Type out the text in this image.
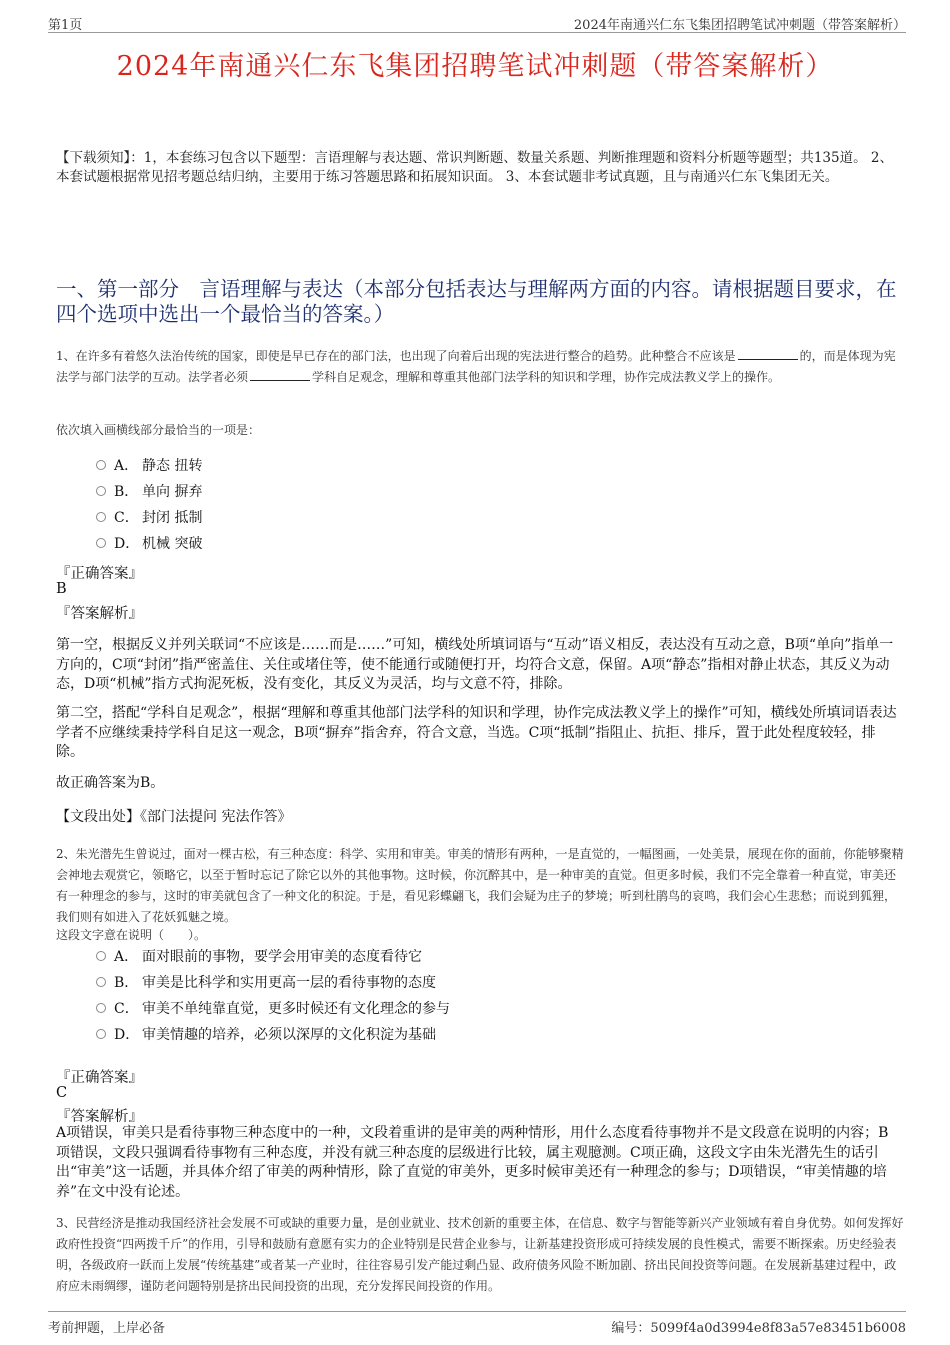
第1页	2024年南通兴仁东飞集团招聘笔试冲刺题（带答案解析）
2024年南通兴仁东飞集团招聘笔试冲刺题（带答案解析）

【下载须知】：1，本套练习包含以下题型：言语理解与表达题、常识判断题、数量关系题、判断推理题和资料分析题等题型；共135道。 2、本套试题根据常见招考题总结归纳，主要用于练习答题思路和拓展知识面。 3、本套试题非考试真题，且与南通兴仁东飞集团无关。

一、第一部分　言语理解与表达（本部分包括表达与理解两方面的内容。请根据题目要求，在四个选项中选出一个最恰当的答案。）

1、在许多有着悠久法治传统的国家，即使是早已存在的部门法，也出现了向着后出现的宪法进行整合的趋势。此种整合不应该是	的，而是体现为宪法学与部门法学的互动。法学者必须	学科自足观念，理解和尊重其他部门法学科的知识和学理，协作完成法教义学上的操作。

依次填入画横线部分最恰当的一项是：

A． 静态 扭转
B． 单向 摒弃
C． 封闭 抵制
D． 机械 突破
『正确答案』
B
『答案解析』

第一空，根据反义并列关联词“不应该是……而是……”可知，横线处所填词语与“互动”语义相反，表达没有互动之意，B项“单向”指单一方向的，C项“封闭”指严密盖住、关住或堵住等，使不能通行或随便打开，均符合文意，保留。A项“静态”指相对静止状态，其反义为动态，D项“机械”指方式拘泥死板，没有变化，其反义为灵活，均与文意不符，排除。

第二空，搭配“学科自足观念”，根据“理解和尊重其他部门法学科的知识和学理，协作完成法教义学上的操作”可知，横线处所填词语表达学者不应继续秉持学科自足这一观念，B项“摒弃”指舍弃，符合文意，当选。C项“抵制”指阻止、抗拒、排斥，置于此处程度较轻，排除。

故正确答案为B。

【文段出处】《部门法提问 宪法作答》

2、朱光潜先生曾说过，面对一棵古松，有三种态度：科学、实用和审美。审美的情形有两种，一是直觉的，一幅图画，一处美景，展现在你的面前，你能够聚精会神地去观赏它，领略它，以至于暂时忘记了除它以外的其他事物。这时候，你沉醉其中，是一种审美的直觉。但更多时候，我们不完全靠着一种直觉，审美还有一种理念的参与，这时的审美就包含了一种文化的积淀。于是，看见彩蝶翩飞，我们会疑为庄子的梦境；听到杜鹃鸟的哀鸣，我们会心生悲愁；而说到狐狸，我们则有如进入了花妖狐魅之境。

这段文字意在说明（　　）。

A． 面对眼前的事物，要学会用审美的态度看待它
B． 审美是比科学和实用更高一层的看待事物的态度
C． 审美不单纯靠直觉，更多时候还有文化理念的参与
D． 审美情趣的培养，必须以深厚的文化积淀为基础
『正确答案』
C
『答案解析』

A项错误，审美只是看待事物三种态度中的一种，文段着重讲的是审美的两种情形，用什么态度看待事物并不是文段意在说明的内容；B项错误，文段只强调看待事物有三种态度，并没有就三种态度的层级进行比较，属主观臆测。C项正确，这段文字由朱光潜先生的话引出“审美”这一话题，并具体介绍了审美的两种情形，除了直觉的审美外，更多时候审美还有一种理念的参与；D项错误，“审美情趣的培养”在文中没有论述。

3、民营经济是推动我国经济社会发展不可或缺的重要力量，是创业就业、技术创新的重要主体，在信息、数字与智能等新兴产业领域有着自身优势。如何发挥好政府性投资“四两拨千斤”的作用，引导和鼓励有意愿有实力的企业特别是民营企业参与，让新基建投资形成可持续发展的良性模式，需要不断探索。历史经验表明，各级政府一跃而上发展“传统基建”或者某一产业时，往往容易引发产能过剩凸显、政府债务风险不断加剧、挤出民间投资等问题。在发展新基建过程中，政府应未雨绸缪，谨防老问题特别是挤出民间投资的出现，充分发挥民间投资的作用。

考前押题，上岸必备	编号：5099f4a0d3994e8f83a57e83451b6008
